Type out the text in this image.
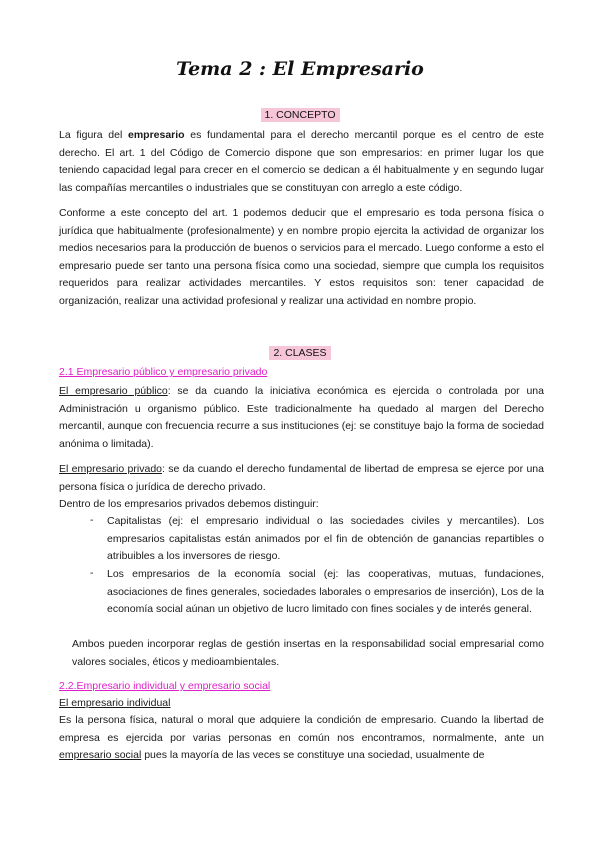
Tema 2 : El Empresario
1. CONCEPTO

La figura del empresario es fundamental para el derecho mercantil porque es el centro de este derecho. El art. 1 del Código de Comercio dispone que son empresarios: en primer lugar los que teniendo capacidad legal para crecer en el comercio se dedican a él habitualmente y en segundo lugar las compañías mercantiles o industriales que se constituyan con arreglo a este código.

Conforme a este concepto del art. 1 podemos deducir que el empresario es toda persona física o jurídica que habitualmente (profesionalmente) y en nombre propio ejercita la actividad de organizar los medios necesarios para la producción de buenos o servicios para el mercado. Luego conforme a esto el empresario puede ser tanto una persona física como una sociedad, siempre que cumpla los requisitos requeridos para realizar actividades mercantiles. Y estos requisitos son: tener capacidad de organización, realizar una actividad profesional y realizar una actividad en nombre propio.

2. CLASES
2.1 Empresario público y empresario privado

El empresario público: se da cuando la iniciativa económica es ejercida o controlada por una Administración u organismo público. Este tradicionalmente ha quedado al margen del Derecho mercantil, aunque con frecuencia recurre a sus instituciones (ej: se constituye bajo la forma de sociedad anónima o limitada).

El empresario privado: se da cuando el derecho fundamental de libertad de empresa se ejerce por una persona física o jurídica de derecho privado.

Dentro de los empresarios privados debemos distinguir:
- Capitalistas (ej: el empresario individual o las sociedades civiles y mercantiles). Los empresarios capitalistas están animados por el fin de obtención de ganancias repartibles o atribuibles a los inversores de riesgo.

- Los empresarios de la economía social (ej: las cooperativas, mutuas, fundaciones, asociaciones de fines generales, sociedades laborales o empresarios de inserción), Los de la economía social aúnan un objetivo de lucro limitado con fines sociales y de interés general.

Ambos pueden incorporar reglas de gestión insertas en la responsabilidad social empresarial como valores sociales, éticos y medioambientales.

2.2.Empresario individual y empresario social
El empresario individual

Es la persona física, natural o moral que adquiere la condición de empresario. Cuando la libertad de empresa es ejercida por varias personas en común nos encontramos, normalmente, ante un empresario social pues la mayoría de las veces se constituye una sociedad, usualmente de
